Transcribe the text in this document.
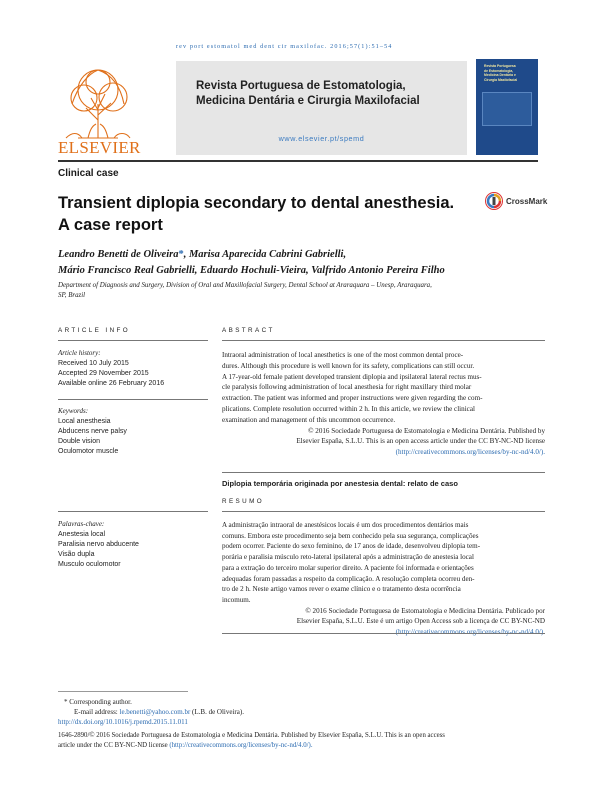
rev port estomatol med dent cir maxilofac. 2016;57(1):51–54
ELSEVIER
Revista Portuguesa de Estomatologia,
Medicina Dentária e Cirurgia Maxilofacial
www.elsevier.pt/spemd
Revista Portuguesa
de Estomatologia,
Medicina Dentária e
Cirurgia Maxilofacial
Clinical case
Transient diplopia secondary to dental anesthesia.
A case report
CrossMark
Leandro Benetti de Oliveira*, Marisa Aparecida Cabrini Gabrielli,
Mário Francisco Real Gabrielli, Eduardo Hochuli-Vieira, Valfrido Antonio Pereira Filho
Department of Diagnosis and Surgery, Division of Oral and Maxillofacial Surgery, Dental School at Araraquara – Unesp, Araraquara,
SP, Brazil
ARTICLE INFO	ABSTRACT
Article history:
Received 10 July 2015
Accepted 29 November 2015
Available online 26 February 2016
Keywords:
Local anesthesia
Abducens nerve palsy
Double vision
Oculomotor muscle
Intraoral administration of local anesthetics is one of the most common dental proce-
dures. Although this procedure is well known for its safety, complications can still occur.
A 17-year-old female patient developed transient diplopia and ipsilateral lateral rectus mus-
cle paralysis following administration of local anesthesia for right maxillary third molar
extraction. The patient was informed and proper instructions were given regarding the com-
plications. Complete resolution occurred within 2 h. In this article, we review the clinical
examination and management of this uncommon occurrence.
© 2016 Sociedade Portuguesa de Estomatologia e Medicina Dentária. Published by
Elsevier España, S.L.U. This is an open access article under the CC BY-NC-ND license
(http://creativecommons.org/licenses/by-nc-nd/4.0/).
Diplopia temporária originada por anestesia dental: relato de caso
RESUMO
Palavras-chave:
Anestesia local
Paralisia nervo abducente
Visão dupla
Musculo oculomotor
A administração intraoral de anestésicos locais é um dos procedimentos dentários mais
comuns. Embora este procedimento seja bem conhecido pela sua segurança, complicações
podem ocorrer. Paciente do sexo feminino, de 17 anos de idade, desenvolveu diplopia tem-
porária e paralisia músculo reto-lateral ipsilateral após a administração de anestesia local
para a extração do terceiro molar superior direito. A paciente foi informada e orientações
adequadas foram passadas a respeito da complicação. A resolução completa ocorreu den-
tro de 2 h. Neste artigo vamos rever o exame clínico e o tratamento desta ocorrência
incomum.
© 2016 Sociedade Portuguesa de Estomatologia e Medicina Dentária. Publicado por
Elsevier España, S.L.U. Este é um artigo Open Access sob a licença de CC BY-NC-ND
* Corresponding author.
E-mail address: le.benetti@yahoo.com.br (L.B. de Oliveira).
http://dx.doi.org/10.1016/j.rpemd.2015.11.011
1646-2890/© 2016 Sociedade Portuguesa de Estomatologia e Medicina Dentária. Published by Elsevier España, S.L.U. This is an open access
article under the CC BY-NC-ND license (http://creativecommons.org/licenses/by-nc-nd/4.0/).
